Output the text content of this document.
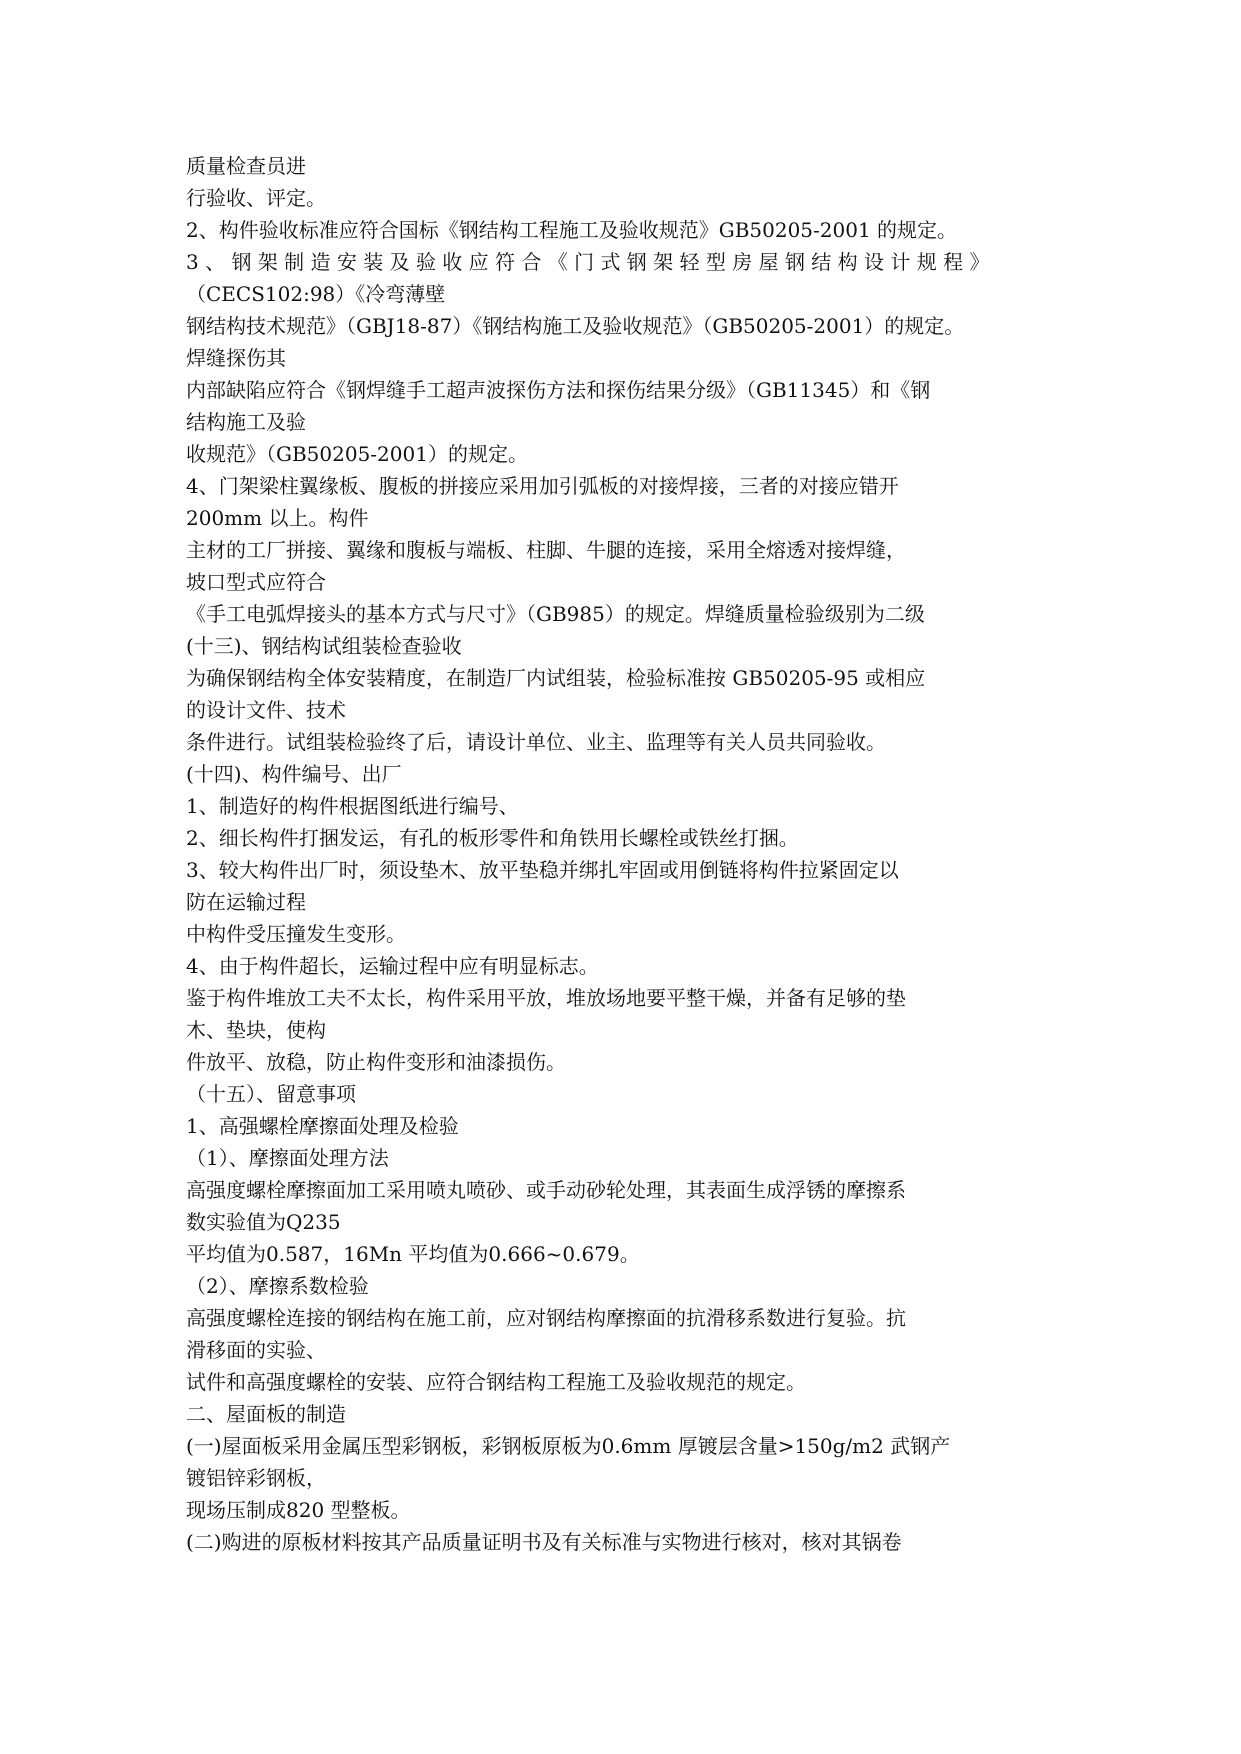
质量检查员进
行验收、评定。
2、构件验收标准应符合国标《钢结构工程施工及验收规范》GB50205-2001 的规定。
3 、 钢 架 制 造 安 装 及 验 收 应 符 合 《 门 式 钢 架 轻 型 房 屋 钢 结 构 设 计 规 程 》
（CECS102:98）《冷弯薄壁
钢结构技术规范》（GBJ18-87）《钢结构施工及验收规范》（GB50205-2001）的规定。
焊缝探伤其
内部缺陷应符合《钢焊缝手工超声波探伤方法和探伤结果分级》（GB11345）和《钢
结构施工及验
收规范》（GB50205-2001）的规定。
4、门架梁柱翼缘板、腹板的拼接应采用加引弧板的对接焊接，三者的对接应错开
200mm 以上。构件
主材的工厂拼接、翼缘和腹板与端板、柱脚、牛腿的连接，采用全熔透对接焊缝，
坡口型式应符合
《手工电弧焊接头的基本方式与尺寸》（GB985）的规定。焊缝质量检验级别为二级
(十三)、钢结构试组装检查验收
为确保钢结构全体安装精度，在制造厂内试组装，检验标准按 GB50205-95 或相应
的设计文件、技术
条件进行。试组装检验终了后，请设计单位、业主、监理等有关人员共同验收。
(十四)、构件编号、出厂
1、制造好的构件根据图纸进行编号、
2、细长构件打捆发运，有孔的板形零件和角铁用长螺栓或铁丝打捆。
3、较大构件出厂时，须设垫木、放平垫稳并绑扎牢固或用倒链将构件拉紧固定以
防在运输过程
中构件受压撞发生变形。
4、由于构件超长，运输过程中应有明显标志。
鉴于构件堆放工夫不太长，构件采用平放，堆放场地要平整干燥，并备有足够的垫
木、垫块，使构
件放平、放稳，防止构件变形和油漆损伤。
（十五）、留意事项
1、高强螺栓摩擦面处理及检验
（1）、摩擦面处理方法
高强度螺栓摩擦面加工采用喷丸喷砂、或手动砂轮处理，其表面生成浮锈的摩擦系
数实验值为Q235
平均值为0.587，16Mn 平均值为0.666~0.679。
（2）、摩擦系数检验
高强度螺栓连接的钢结构在施工前，应对钢结构摩擦面的抗滑移系数进行复验。抗
滑移面的实验、
试件和高强度螺栓的安装、应符合钢结构工程施工及验收规范的规定。
二、屋面板的制造
(一)屋面板采用金属压型彩钢板，彩钢板原板为0.6mm 厚镀层含量>150g/m2 武钢产
镀铝锌彩钢板，
现场压制成820 型整板。
(二)购进的原板材料按其产品质量证明书及有关标准与实物进行核对，核对其锅卷
